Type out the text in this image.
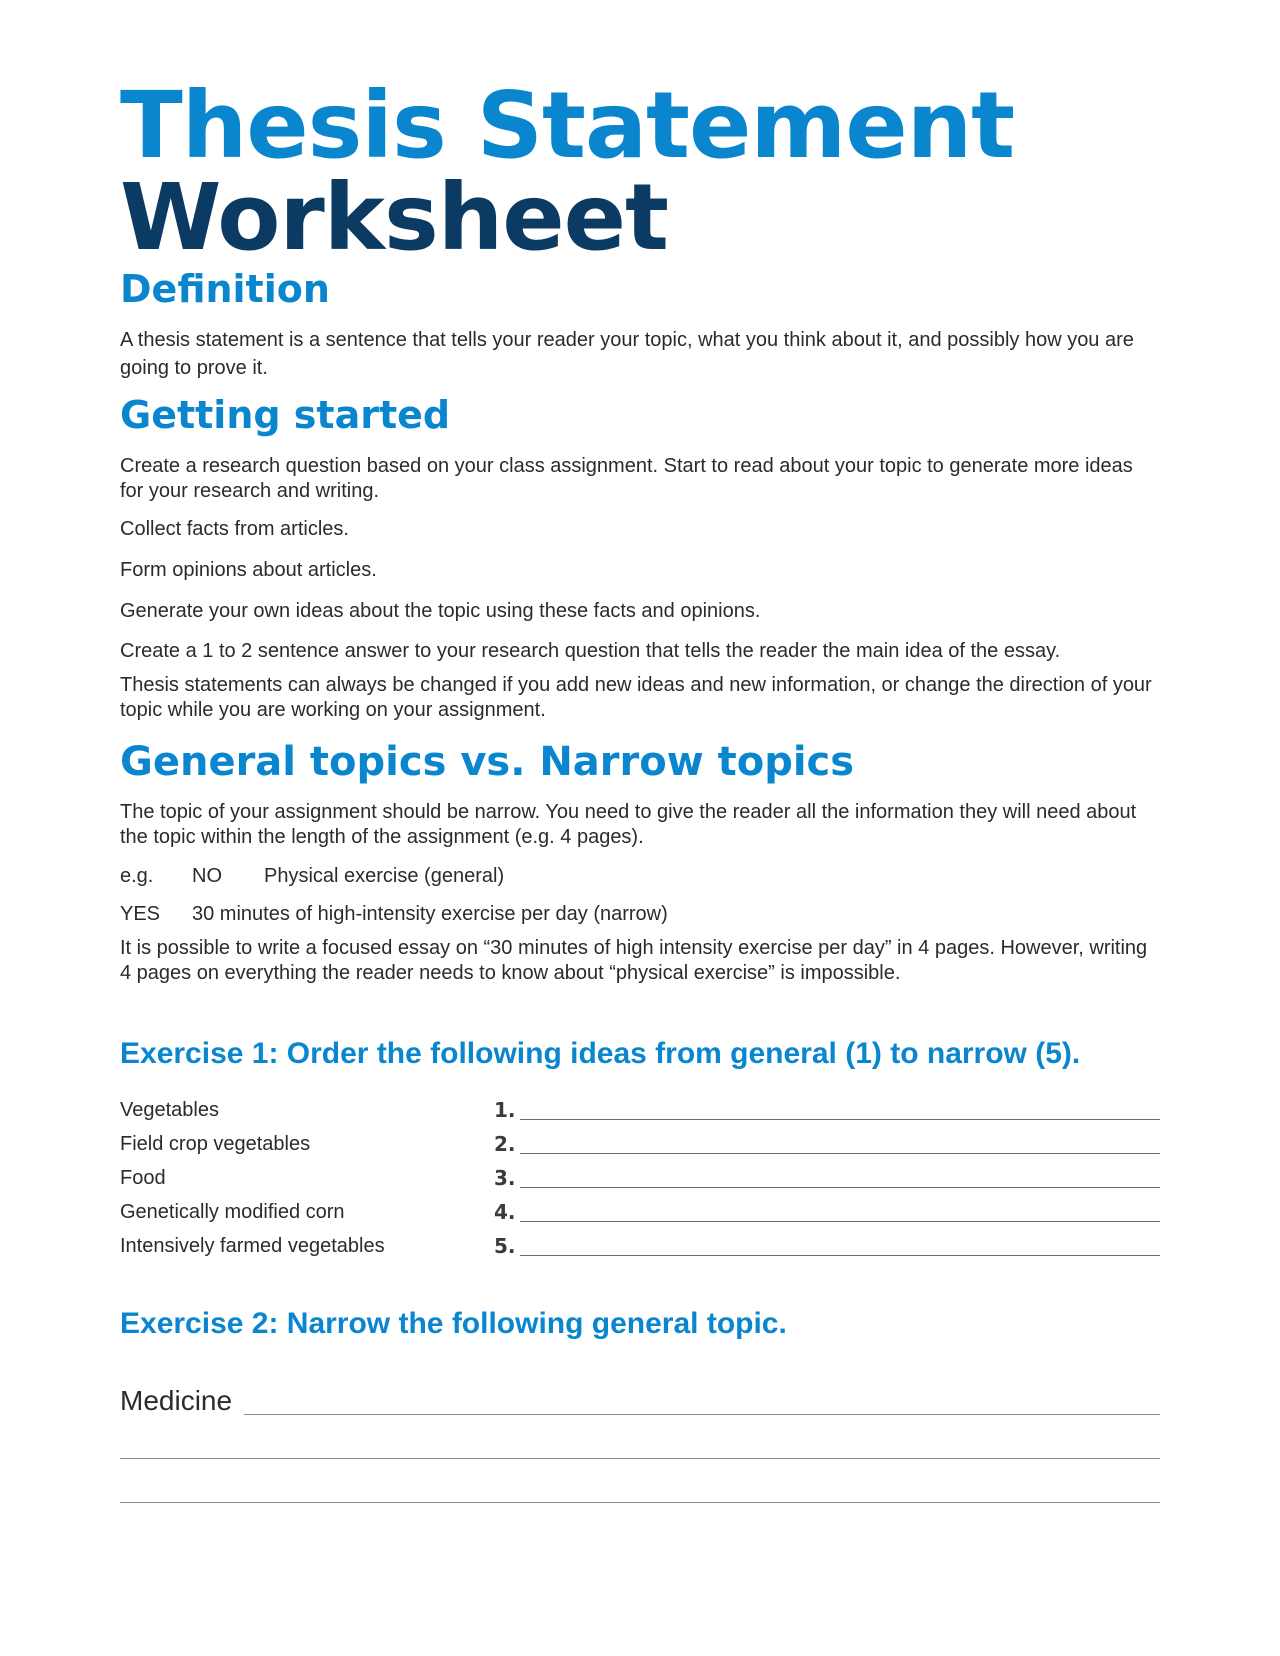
Thesis Statement
Worksheet
Definition

A thesis statement is a sentence that tells your reader your topic, what you think about it, and possibly how you are going to prove it.

Getting started

Create a research question based on your class assignment. Start to read about your topic to generate more ideas for your research and writing.

Collect facts from articles.

Form opinions about articles.

Generate your own ideas about the topic using these facts and opinions.

Create a 1 to 2 sentence answer to your research question that tells the reader the main idea of the essay.

Thesis statements can always be changed if you add new ideas and new information, or change the direction of your topic while you are working on your assignment.

General topics vs. Narrow topics

The topic of your assignment should be narrow. You need to give the reader all the information they will need about the topic within the length of the assignment (e.g. 4 pages).

e.g. NO Physical exercise (general)
YES 30 minutes of high-intensity exercise per day (narrow)

It is possible to write a focused essay on “30 minutes of high intensity exercise per day” in 4 pages. However, writing 4 pages on everything the reader needs to know about “physical exercise” is impossible.

Exercise 1: Order the following ideas from general (1) to narrow (5).
Vegetables	1.
Field crop vegetables	2.
Food	3.
Genetically modified corn	4.
Intensively farmed vegetables	5.
Exercise 2: Narrow the following general topic.
Medicine
